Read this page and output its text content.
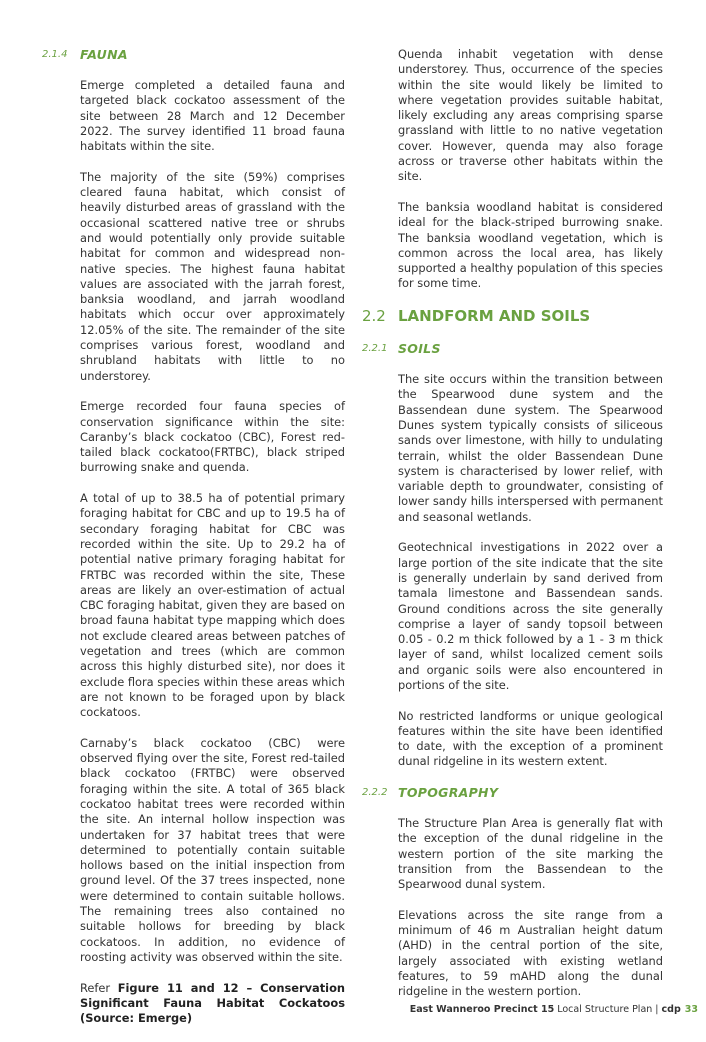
2.1.4 FAUNA

Emerge completed a detailed fauna and targeted black cockatoo assessment of the site between 28 March and 12 December 2022. The survey identified 11 broad fauna habitats within the site.

The majority of the site (59%) comprises cleared fauna habitat, which consist of heavily disturbed areas of grassland with the occasional scattered native tree or shrubs and would potentially only provide suitable habitat for common and widespread non-native species. The highest fauna habitat values are associated with the jarrah forest, banksia woodland, and jarrah woodland habitats which occur over approximately 12.05% of the site. The remainder of the site comprises various forest, woodland and shrubland habitats with little to no understorey.

Emerge recorded four fauna species of conservation significance within the site: Caranby’s black cockatoo (CBC), Forest red-tailed black cockatoo(FRTBC), black striped burrowing snake and quenda.

A total of up to 38.5 ha of potential primary foraging habitat for CBC and up to 19.5 ha of secondary foraging habitat for CBC was recorded within the site. Up to 29.2 ha of potential native primary foraging habitat for FRTBC was recorded within the site, These areas are likely an over-estimation of actual CBC foraging habitat, given they are based on broad fauna habitat type mapping which does not exclude cleared areas between patches of vegetation and trees (which are common across this highly disturbed site), nor does it exclude flora species within these areas which are not known to be foraged upon by black cockatoos.

Carnaby’s black cockatoo (CBC) were observed flying over the site, Forest red-tailed black cockatoo (FRTBC) were observed foraging within the site. A total of 365 black cockatoo habitat trees were recorded within the site. An internal hollow inspection was undertaken for 37 habitat trees that were determined to potentially contain suitable hollows based on the initial inspection from ground level. Of the 37 trees inspected, none were determined to contain suitable hollows. The remaining trees also contained no suitable hollows for breeding by black cockatoos. In addition, no evidence of roosting activity was observed within the site.

Refer Figure 11 and 12 – Conservation Significant Fauna Habitat Cockatoos (Source: Emerge)

Quenda inhabit vegetation with dense understorey. Thus, occurrence of the species within the site would likely be limited to where vegetation provides suitable habitat, likely excluding any areas comprising sparse grassland with little to no native vegetation cover. However, quenda may also forage across or traverse other habitats within the site.

The banksia woodland habitat is considered ideal for the black-striped burrowing snake. The banksia woodland vegetation, which is common across the local area, has likely supported a healthy population of this species for some time.

2.2 LANDFORM AND SOILS
2.2.1 SOILS

The site occurs within the transition between the Spearwood dune system and the Bassendean dune system. The Spearwood Dunes system typically consists of siliceous sands over limestone, with hilly to undulating terrain, whilst the older Bassendean Dune system is characterised by lower relief, with variable depth to groundwater, consisting of lower sandy hills interspersed with permanent and seasonal wetlands.

Geotechnical investigations in 2022 over a large portion of the site indicate that the site is generally underlain by sand derived from tamala limestone and Bassendean sands. Ground conditions across the site generally comprise a layer of sandy topsoil between 0.05 - 0.2 m thick followed by a 1 - 3 m thick layer of sand, whilst localized cement soils and organic soils were also encountered in portions of the site.

No restricted landforms or unique geological features within the site have been identified to date, with the exception of a prominent dunal ridgeline in its western extent.

2.2.2 TOPOGRAPHY

The Structure Plan Area is generally flat with the exception of the dunal ridgeline in the western portion of the site marking the transition from the Bassendean to the Spearwood dunal system.

Elevations across the site range from a minimum of 46 m Australian height datum (AHD) in the central portion of the site, largely associated with existing wetland features, to 59 mAHD along the dunal ridgeline in the western portion.

East Wanneroo Precinct 15 Local Structure Plan | cdp 33
